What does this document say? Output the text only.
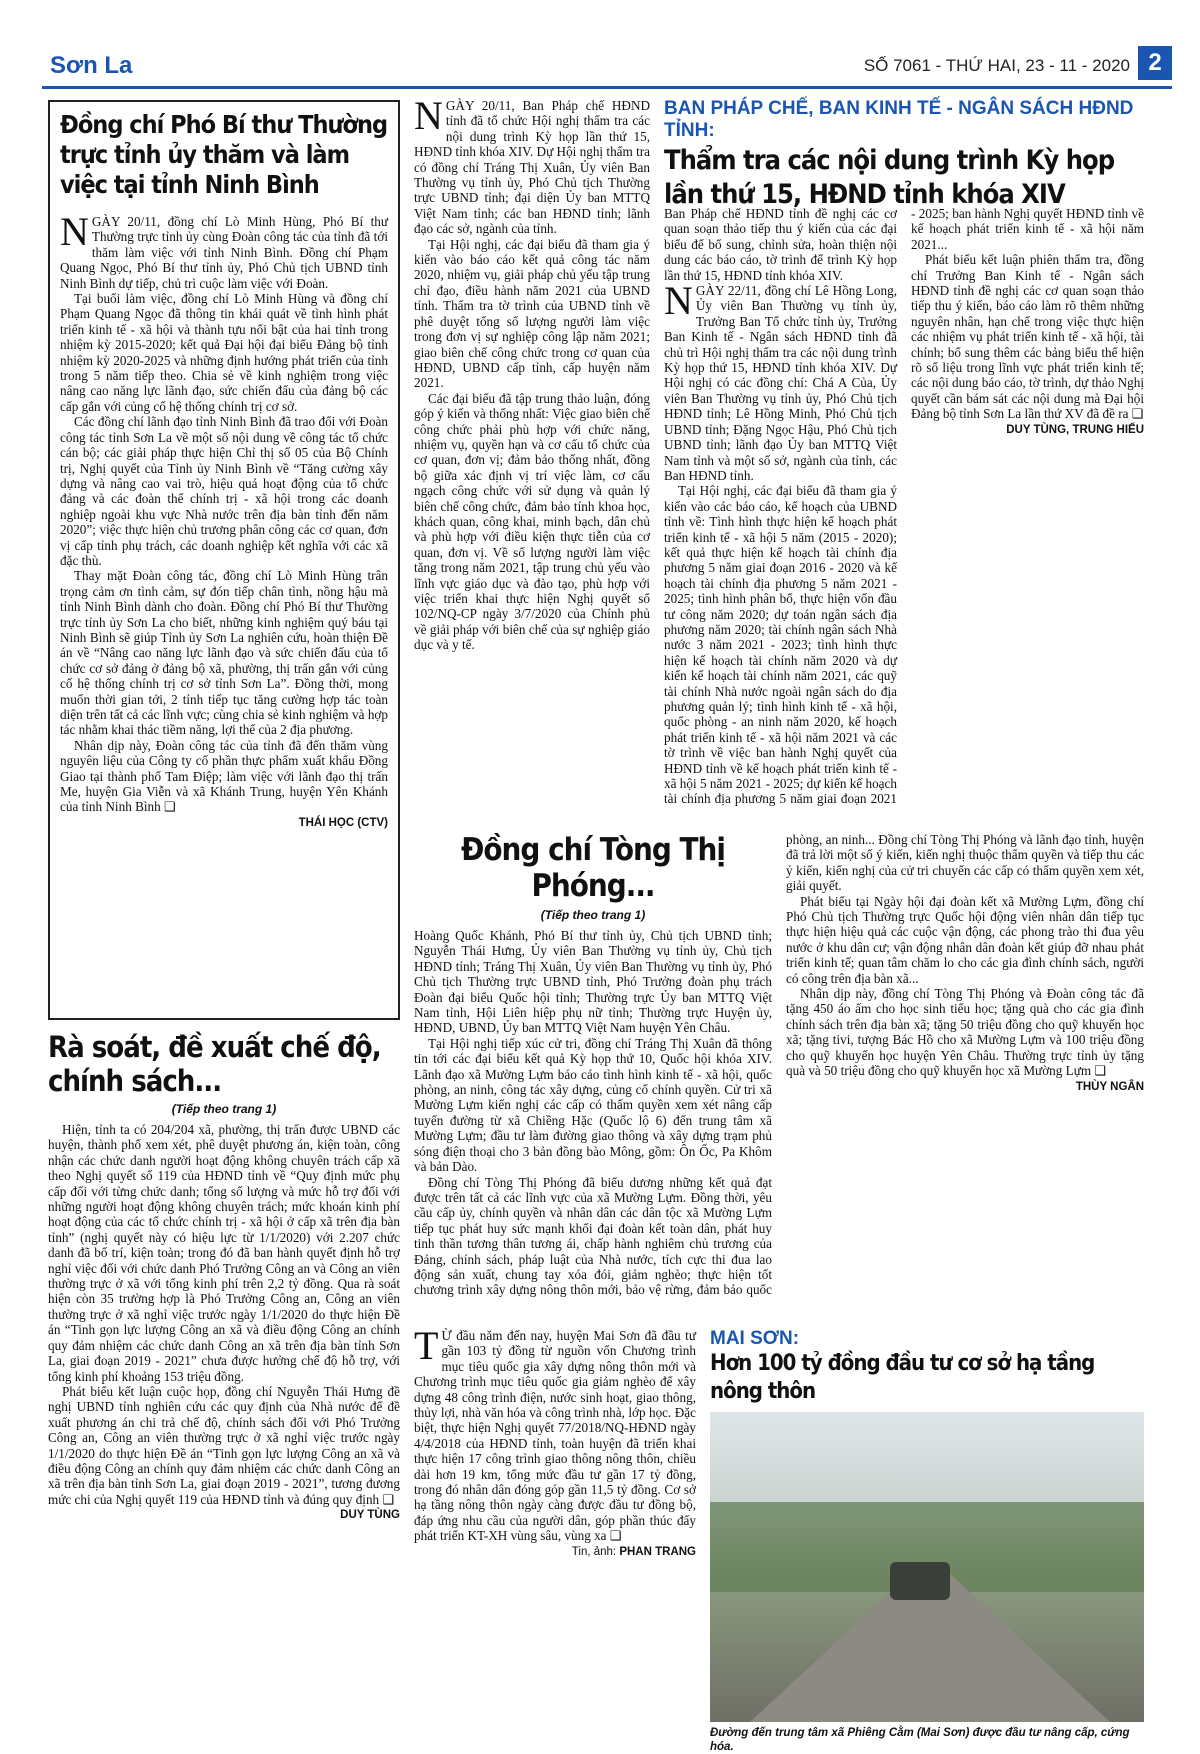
Sơn La	SỐ 7061 - THỨ HAI, 23 - 11 - 2020 2
Đồng chí Phó Bí thư Thường trực tỉnh ủy thăm và làm việc tại tỉnh Ninh Bình

NGÀY 20/11, đồng chí Lò Minh Hùng, Phó Bí thư Thường trực tỉnh ủy cùng Đoàn công tác của tỉnh đã tới thăm làm việc với tỉnh Ninh Bình. Đồng chí Phạm Quang Ngọc, Phó Bí thư tỉnh ủy, Phó Chủ tịch UBND tỉnh Ninh Bình dự tiếp, chủ trì cuộc làm việc với Đoàn.

Tại buổi làm việc, đồng chí Lò Minh Hùng và đồng chí Phạm Quang Ngọc đã thông tin khái quát về tình hình phát triển kinh tế - xã hội và thành tựu nổi bật của hai tỉnh trong nhiệm kỳ 2015-2020; kết quả Đại hội đại biểu Đảng bộ tỉnh nhiệm kỳ 2020-2025 và những định hướng phát triển của tỉnh trong 5 năm tiếp theo. Chia sẻ về kinh nghiệm trong việc nâng cao năng lực lãnh đạo, sức chiến đấu của đảng bộ các cấp gắn với củng cố hệ thống chính trị cơ sở.

Các đồng chí lãnh đạo tỉnh Ninh Bình đã trao đổi với Đoàn công tác tỉnh Sơn La về một số nội dung về công tác tổ chức cán bộ; các giải pháp thực hiện Chỉ thị số 05 của Bộ Chính trị, Nghị quyết của Tỉnh ủy Ninh Bình về “Tăng cường xây dựng và nâng cao vai trò, hiệu quả hoạt động của tổ chức đảng và các đoàn thể chính trị - xã hội trong các doanh nghiệp ngoài khu vực Nhà nước trên địa bàn tỉnh đến năm 2020”; việc thực hiện chủ trương phân công các cơ quan, đơn vị cấp tỉnh phụ trách, các doanh nghiệp kết nghĩa với các xã đặc thù.

Thay mặt Đoàn công tác, đồng chí Lò Minh Hùng trân trọng cảm ơn tình cảm, sự đón tiếp chân tình, nồng hậu mà tỉnh Ninh Bình dành cho đoàn. Đồng chí Phó Bí thư Thường trực tỉnh ủy Sơn La cho biết, những kinh nghiệm quý báu tại Ninh Bình sẽ giúp Tỉnh ủy Sơn La nghiên cứu, hoàn thiện Đề án về “Nâng cao năng lực lãnh đạo và sức chiến đấu của tổ chức cơ sở đảng ở đảng bộ xã, phường, thị trấn gắn với củng cố hệ thống chính trị cơ sở tỉnh Sơn La”. Đồng thời, mong muốn thời gian tới, 2 tỉnh tiếp tục tăng cường hợp tác toàn diện trên tất cả các lĩnh vực; cùng chia sẻ kinh nghiệm và hợp tác nhằm khai thác tiềm năng, lợi thế của 2 địa phương.

Nhân dịp này, Đoàn công tác của tỉnh đã đến thăm vùng nguyên liệu của Công ty cổ phần thực phẩm xuất khẩu Đồng Giao tại thành phố Tam Điệp; làm việc với lãnh đạo thị trấn Me, huyện Gia Viễn và xã Khánh Trung, huyện Yên Khánh của tỉnh Ninh Bình ❑

THÁI HỌC (CTV)
Rà soát, đề xuất chế độ, chính sách...
(Tiếp theo trang 1)

Hiện, tỉnh ta có 204/204 xã, phường, thị trấn được UBND các huyện, thành phố xem xét, phê duyệt phương án, kiện toàn, công nhận các chức danh người hoạt động không chuyên trách cấp xã theo Nghị quyết số 119 của HĐND tỉnh về “Quy định mức phụ cấp đối với từng chức danh; tổng số lượng và mức hỗ trợ đối với những người hoạt động không chuyên trách; mức khoán kinh phí hoạt động của các tổ chức chính trị - xã hội ở cấp xã trên địa bàn tỉnh” (nghị quyết này có hiệu lực từ 1/1/2020) với 2.207 chức danh đã bố trí, kiện toàn; trong đó đã ban hành quyết định hỗ trợ nghỉ việc đối với chức danh Phó Trưởng Công an và Công an viên thường trực ở xã với tổng kinh phí trên 2,2 tỷ đồng. Qua rà soát hiện còn 35 trường hợp là Phó Trưởng Công an, Công an viên thường trực ở xã nghỉ việc trước ngày 1/1/2020 do thực hiện Đề án “Tinh gọn lực lượng Công an xã và điều động Công an chính quy đảm nhiệm các chức danh Công an xã trên địa bàn tỉnh Sơn La, giai đoạn 2019 - 2021” chưa được hưởng chế độ hỗ trợ, với tổng kinh phí khoảng 153 triệu đồng.

Phát biểu kết luận cuộc họp, đồng chí Nguyễn Thái Hưng đề nghị UBND tỉnh nghiên cứu các quy định của Nhà nước để đề xuất phương án chi trả chế độ, chính sách đối với Phó Trưởng Công an, Công an viên thường trực ở xã nghỉ việc trước ngày 1/1/2020 do thực hiện Đề án “Tinh gọn lực lượng Công an xã và điều động Công an chính quy đảm nhiệm các chức danh Công an xã trên địa bàn tỉnh Sơn La, giai đoạn 2019 - 2021”, tương đương mức chi của Nghị quyết 119 của HĐND tỉnh và đúng quy định ❑

DUY TÙNG
BAN PHÁP CHẾ, BAN KINH TẾ - NGÂN SÁCH HĐND TỈNH:
Thẩm tra các nội dung trình Kỳ họp lần thứ 15, HĐND tỉnh khóa XIV

NGÀY 20/11, Ban Pháp chế HĐND tỉnh đã tổ chức Hội nghị thẩm tra các nội dung trình Kỳ họp lần thứ 15, HĐND tỉnh khóa XIV. Dự Hội nghị thẩm tra có đồng chí Tráng Thị Xuân, Ủy viên Ban Thường vụ tỉnh ủy, Phó Chủ tịch Thường trực UBND tỉnh; đại diện Ủy ban MTTQ Việt Nam tỉnh; các ban HĐND tỉnh; lãnh đạo các sở, ngành của tỉnh.

Tại Hội nghị, các đại biểu đã tham gia ý kiến vào báo cáo kết quả công tác năm 2020, nhiệm vụ, giải pháp chủ yếu tập trung chỉ đạo, điều hành năm 2021 của UBND tỉnh. Thẩm tra tờ trình của UBND tỉnh về phê duyệt tổng số lượng người làm việc trong đơn vị sự nghiệp công lập năm 2021; giao biên chế công chức trong cơ quan của HĐND, UBND cấp tỉnh, cấp huyện năm 2021.

Các đại biểu đã tập trung thảo luận, đóng góp ý kiến và thống nhất: Việc giao biên chế công chức phải phù hợp với chức năng, nhiệm vụ, quyền hạn và cơ cấu tổ chức của cơ quan, đơn vị; đảm bảo thống nhất, đồng bộ giữa xác định vị trí việc làm, cơ cấu ngạch công chức với sử dụng và quản lý biên chế công chức, đảm bảo tính khoa học, khách quan, công khai, minh bạch, dân chủ và phù hợp với điều kiện thực tiễn của cơ quan, đơn vị. Về số lượng người làm việc tăng trong năm 2021, tập trung chủ yếu vào lĩnh vực giáo dục và đào tạo, phù hợp với việc triển khai thực hiện Nghị quyết số 102/NQ-CP ngày 3/7/2020 của Chính phủ về giải pháp với biên chế của sự nghiệp giáo dục và y tế.

Ban Pháp chế HĐND tỉnh đề nghị các cơ quan soạn thảo tiếp thu ý kiến của các đại biểu để bổ sung, chỉnh sửa, hoàn thiện nội dung các báo cáo, tờ trình để trình Kỳ họp lần thứ 15, HĐND tỉnh khóa XIV.

NGÀY 22/11, đồng chí Lê Hồng Long, Ủy viên Ban Thường vụ tỉnh ủy, Trưởng Ban Tổ chức tỉnh ủy, Trưởng Ban Kinh tế - Ngân sách HĐND tỉnh đã chủ trì Hội nghị thẩm tra các nội dung trình Kỳ họp thứ 15, HĐND tỉnh khóa XIV. Dự Hội nghị có các đồng chí: Chá A Của, Ủy viên Ban Thường vụ tỉnh ủy, Phó Chủ tịch HĐND tỉnh; Lê Hồng Minh, Phó Chủ tịch UBND tỉnh; Đặng Ngọc Hậu, Phó Chủ tịch UBND tỉnh; lãnh đạo Ủy ban MTTQ Việt Nam tỉnh và một số sở, ngành của tỉnh, các Ban HĐND tỉnh.

Tại Hội nghị, các đại biểu đã tham gia ý kiến vào các báo cáo, kế hoạch của UBND tỉnh về: Tình hình thực hiện kế hoạch phát triển kinh tế - xã hội 5 năm (2015 - 2020); kết quả thực hiện kế hoạch tài chính địa phương 5 năm giai đoạn 2016 - 2020 và kế hoạch tài chính địa phương 5 năm 2021 - 2025; tình hình phân bổ, thực hiện vốn đầu tư công năm 2020; dự toán ngân sách địa phương năm 2020; tài chính ngân sách Nhà nước 3 năm 2021 - 2023; tình hình thực hiện kế hoạch tài chính năm 2020 và dự kiến kế hoạch tài chính năm 2021, các quỹ tài chính Nhà nước ngoài ngân sách do địa phương quản lý; tình hình kinh tế - xã hội, quốc phòng - an ninh năm 2020, kế hoạch phát triển kinh tế - xã hội năm 2021 và các tờ trình về việc ban hành Nghị quyết của HĐND tỉnh về kế hoạch phát triển kinh tế -xã hội 5 năm 2021 - 2025; dự kiến kế hoạch tài chính địa phương 5 năm giai đoạn 2021 - 2025; ban hành Nghị quyết HĐND tỉnh về kế hoạch phát triển kinh tế - xã hội năm 2021...

Phát biểu kết luận phiên thẩm tra, đồng chí Trưởng Ban Kinh tế - Ngân sách HĐND tỉnh đề nghị các cơ quan soạn thảo tiếp thu ý kiến, báo cáo làm rõ thêm những nguyên nhân, hạn chế trong việc thực hiện các nhiệm vụ phát triển kinh tế - xã hội, tài chính; bổ sung thêm các bảng biểu thể hiện rõ số liệu trong lĩnh vực phát triển kinh tế; các nội dung báo cáo, tờ trình, dự thảo Nghị quyết cần bám sát các nội dung mà Đại hội Đảng bộ tỉnh Sơn La lần thứ XV đã đề ra ❑

DUY TÙNG, TRUNG HIẾU
Đồng chí Tòng Thị Phóng...
(Tiếp theo trang 1)

Hoàng Quốc Khánh, Phó Bí thư tỉnh ủy, Chủ tịch UBND tỉnh; Nguyễn Thái Hưng, Ủy viên Ban Thường vụ tỉnh ủy, Chủ tịch HĐND tỉnh; Tráng Thị Xuân, Ủy viên Ban Thường vụ tỉnh ủy, Phó Chủ tịch Thường trực UBND tỉnh, Phó Trưởng đoàn phụ trách Đoàn đại biểu Quốc hội tỉnh; Thường trực Ủy ban MTTQ Việt Nam tỉnh, Hội Liên hiệp phụ nữ tỉnh; Thường trực Huyện ủy, HĐND, UBND, Ủy ban MTTQ Việt Nam huyện Yên Châu.

Tại Hội nghị tiếp xúc cử tri, đồng chí Tráng Thị Xuân đã thông tin tới các đại biểu kết quả Kỳ họp thứ 10, Quốc hội khóa XIV. Lãnh đạo xã Mường Lựm báo cáo tình hình kinh tế - xã hội, quốc phòng, an ninh, công tác xây dựng, củng cố chính quyền. Cử tri xã Mường Lựm kiến nghị các cấp có thẩm quyền xem xét nâng cấp tuyến đường từ xã Chiềng Hặc (Quốc lộ 6) đến trung tâm xã Mường Lựm; đầu tư làm đường giao thông và xây dựng trạm phủ sóng điện thoại cho 3 bản đồng bào Mông, gồm: Ôn Ốc, Pa Khôm và bản Dào.

Đồng chí Tòng Thị Phóng đã biểu dương những kết quả đạt được trên tất cả các lĩnh vực của xã Mường Lựm. Đồng thời, yêu cầu cấp ủy, chính quyền và nhân dân các dân tộc xã Mường Lựm tiếp tục phát huy sức mạnh khối đại đoàn kết toàn dân, phát huy tinh thần tương thân tương ái, chấp hành nghiêm chủ trương của Đảng, chính sách, pháp luật của Nhà nước, tích cực thi đua lao động sản xuất, chung tay xóa đói, giảm nghèo; thực hiện tốt chương trình xây dựng nông thôn mới, bảo vệ rừng, đảm bảo quốc phòng, an ninh... Đồng chí Tòng Thị Phóng và lãnh đạo tỉnh, huyện đã trả lời một số ý kiến, kiến nghị thuộc thẩm quyền và tiếp thu các ý kiến, kiến nghị của cử tri chuyển các cấp có thẩm quyền xem xét, giải quyết.

Phát biểu tại Ngày hội đại đoàn kết xã Mường Lựm, đồng chí Phó Chủ tịch Thường trực Quốc hội động viên nhân dân tiếp tục thực hiện hiệu quả các cuộc vận động, các phong trào thi đua yêu nước ở khu dân cư; vận động nhân dân đoàn kết giúp đỡ nhau phát triển kinh tế; quan tâm chăm lo cho các gia đình chính sách, người có công trên địa bàn xã...

Nhân dịp này, đồng chí Tòng Thị Phóng và Đoàn công tác đã tặng 450 áo ấm cho học sinh tiểu học; tặng quà cho các gia đình chính sách trên địa bàn xã; tặng 50 triệu đồng cho quỹ khuyến học xã; tặng tivi, tượng Bác Hồ cho xã Mường Lựm và 100 triệu đồng cho quỹ khuyến học huyện Yên Châu. Thường trực tỉnh ủy tặng quà và 50 triệu đồng cho quỹ khuyến học xã Mường Lựm ❑

THÙY NGÂN

TỪ đầu năm đến nay, huyện Mai Sơn đã đầu tư gần 103 tỷ đồng từ nguồn vốn Chương trình mục tiêu quốc gia xây dựng nông thôn mới và Chương trình mục tiêu quốc gia giảm nghèo để xây dựng 48 công trình điện, nước sinh hoạt, giao thông, thủy lợi, nhà văn hóa và công trình nhà, lớp học. Đặc biệt, thực hiện Nghị quyết 77/2018/NQ-HĐND ngày 4/4/2018 của HĐND tỉnh, toàn huyện đã triển khai thực hiện 17 công trình giao thông nông thôn, chiều dài hơn 19 km, tổng mức đầu tư gần 17 tỷ đồng, trong đó nhân dân đóng góp gần 11,5 tỷ đồng. Cơ sở hạ tầng nông thôn ngày càng được đầu tư đồng bộ, đáp ứng nhu cầu của người dân, góp phần thúc đẩy phát triển KT-XH vùng sâu, vùng xa ❑

Tin, ảnh: PHAN TRANG
MAI SƠN:
Hơn 100 tỷ đồng đầu tư cơ sở hạ tầng nông thôn
Đường đến trung tâm xã Phiêng Cằm (Mai Sơn) được đầu tư nâng cấp, cứng hóa.
